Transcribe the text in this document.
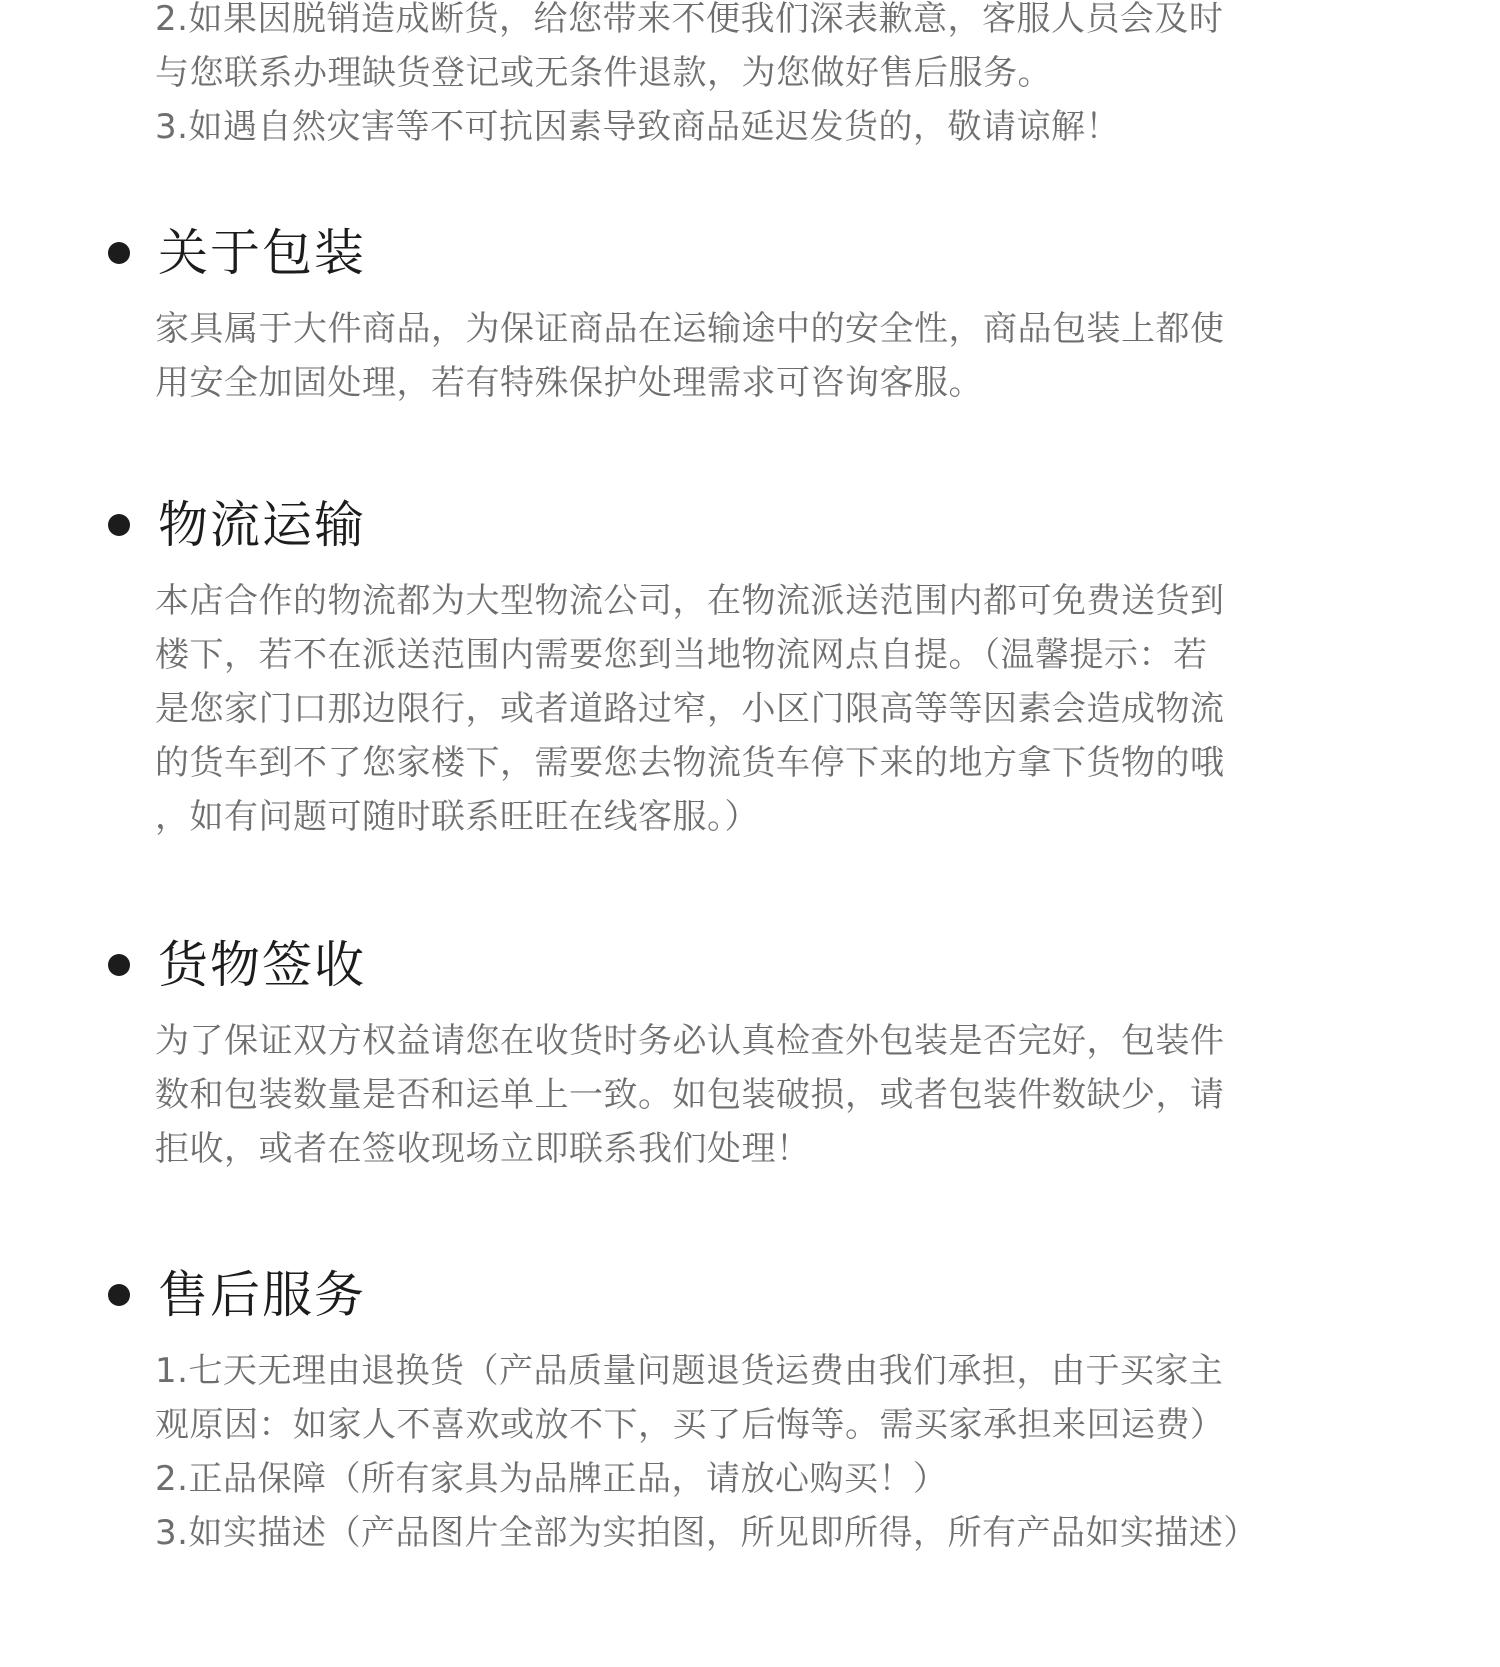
2.如果因脱销造成断货，给您带来不便我们深表歉意，客服人员会及时
与您联系办理缺货登记或无条件退款，为您做好售后服务。
3.如遇自然灾害等不可抗因素导致商品延迟发货的，敬请谅解！
关于包装
家具属于大件商品，为保证商品在运输途中的安全性，商品包装上都使
用安全加固处理，若有特殊保护处理需求可咨询客服。
物流运输
本店合作的物流都为大型物流公司，在物流派送范围内都可免费送货到
楼下，若不在派送范围内需要您到当地物流网点自提。（温馨提示：若
是您家门口那边限行，或者道路过窄，小区门限高等等因素会造成物流
的货车到不了您家楼下，需要您去物流货车停下来的地方拿下货物的哦
，如有问题可随时联系旺旺在线客服。）
货物签收
为了保证双方权益请您在收货时务必认真检查外包装是否完好，包装件
数和包装数量是否和运单上一致。如包装破损，或者包装件数缺少，请
拒收，或者在签收现场立即联系我们处理！
售后服务
1.七天无理由退换货（产品质量问题退货运费由我们承担，由于买家主
观原因：如家人不喜欢或放不下，买了后悔等。需买家承担来回运费）
2.正品保障（所有家具为品牌正品，请放心购买！）
3.如实描述（产品图片全部为实拍图，所见即所得，所有产品如实描述）
